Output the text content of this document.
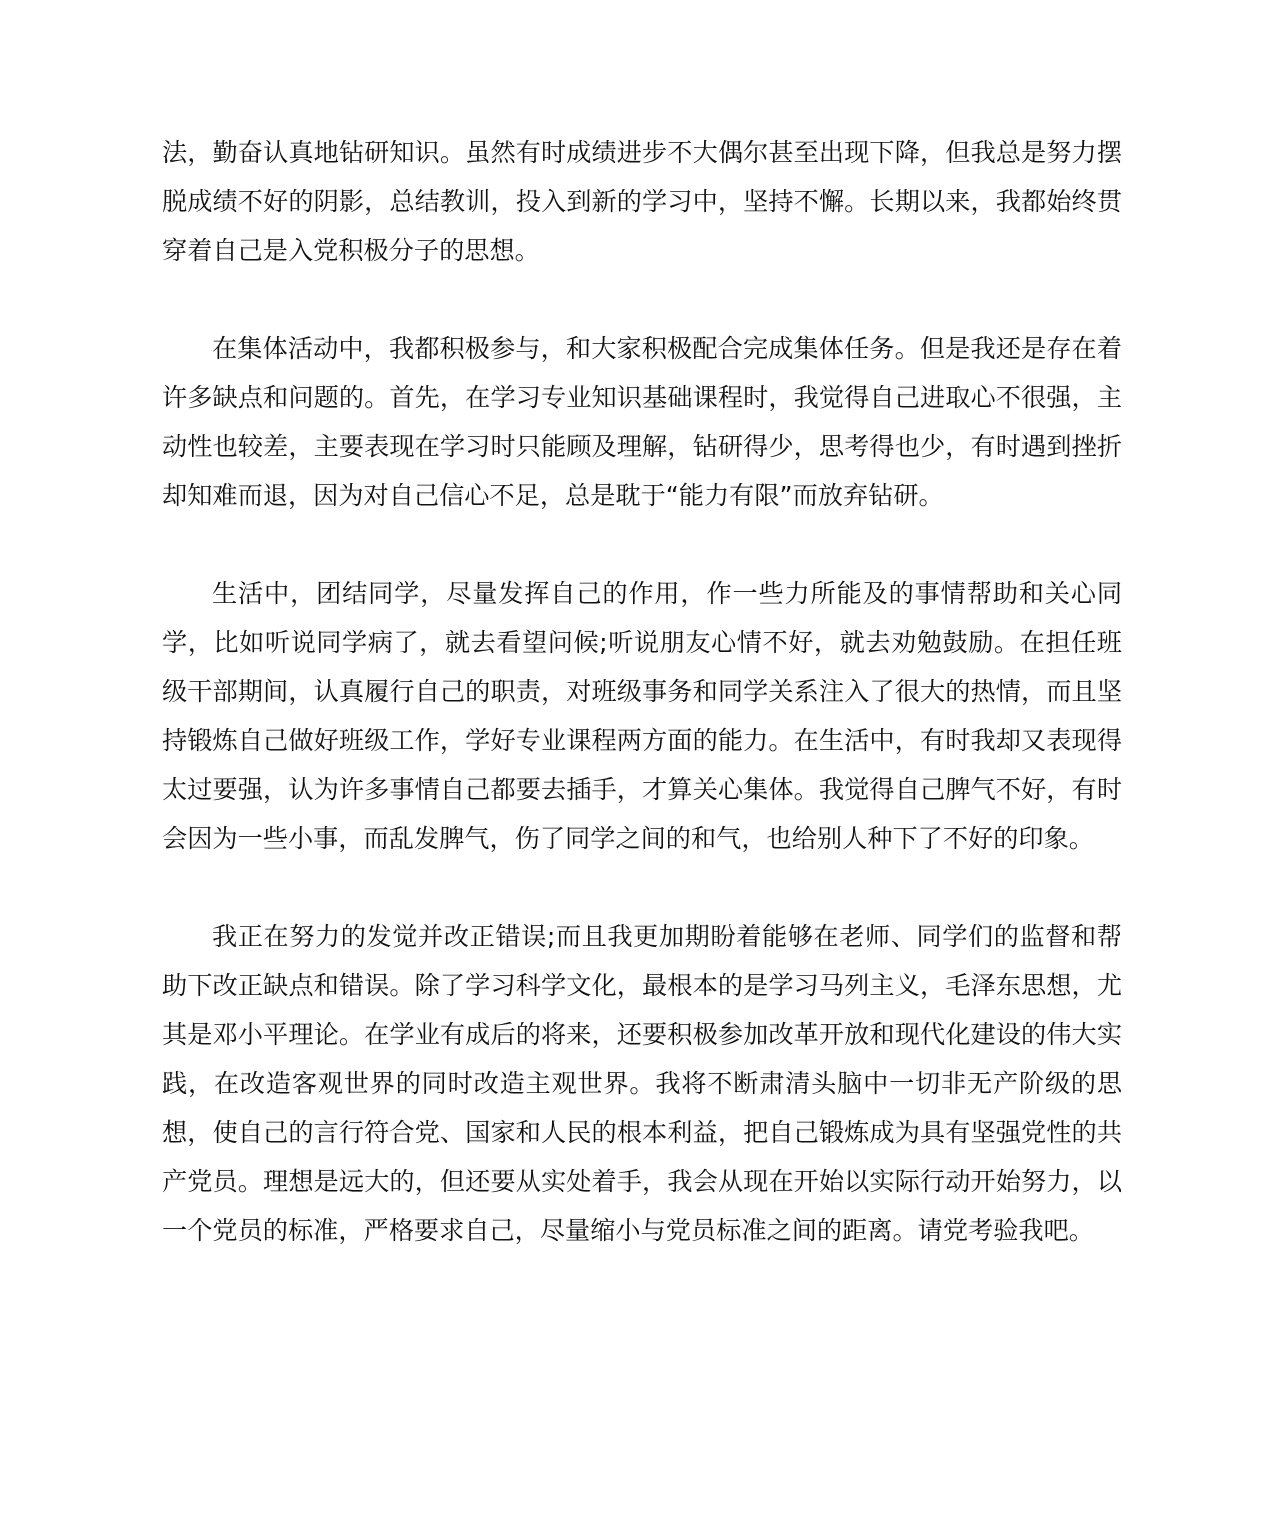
法，勤奋认真地钻研知识。虽然有时成绩进步不大偶尔甚至出现下降，但我总是努力摆脱成绩不好的阴影，总结教训，投入到新的学习中，坚持不懈。长期以来，我都始终贯穿着自己是入党积极分子的思想。

在集体活动中，我都积极参与，和大家积极配合完成集体任务。但是我还是存在着许多缺点和问题的。首先，在学习专业知识基础课程时，我觉得自己进取心不很强，主动性也较差，主要表现在学习时只能顾及理解，钻研得少，思考得也少，有时遇到挫折却知难而退，因为对自己信心不足，总是耽于“能力有限”而放弃钻研。

生活中，团结同学，尽量发挥自己的作用，作一些力所能及的事情帮助和关心同学，比如听说同学病了，就去看望问候;听说朋友心情不好，就去劝勉鼓励。在担任班级干部期间，认真履行自己的职责，对班级事务和同学关系注入了很大的热情，而且坚持锻炼自己做好班级工作，学好专业课程两方面的能力。在生活中，有时我却又表现得太过要强，认为许多事情自己都要去插手，才算关心集体。我觉得自己脾气不好，有时会因为一些小事，而乱发脾气，伤了同学之间的和气，也给别人种下了不好的印象。

我正在努力的发觉并改正错误;而且我更加期盼着能够在老师、同学们的监督和帮助下改正缺点和错误。除了学习科学文化，最根本的是学习马列主义，毛泽东思想，尤其是邓小平理论。在学业有成后的将来，还要积极参加改革开放和现代化建设的伟大实践，在改造客观世界的同时改造主观世界。我将不断肃清头脑中一切非无产阶级的思想，使自己的言行符合党、国家和人民的根本利益，把自己锻炼成为具有坚强党性的共产党员。理想是远大的，但还要从实处着手，我会从现在开始以实际行动开始努力，以一个党员的标准，严格要求自己，尽量缩小与党员标准之间的距离。请党考验我吧。
